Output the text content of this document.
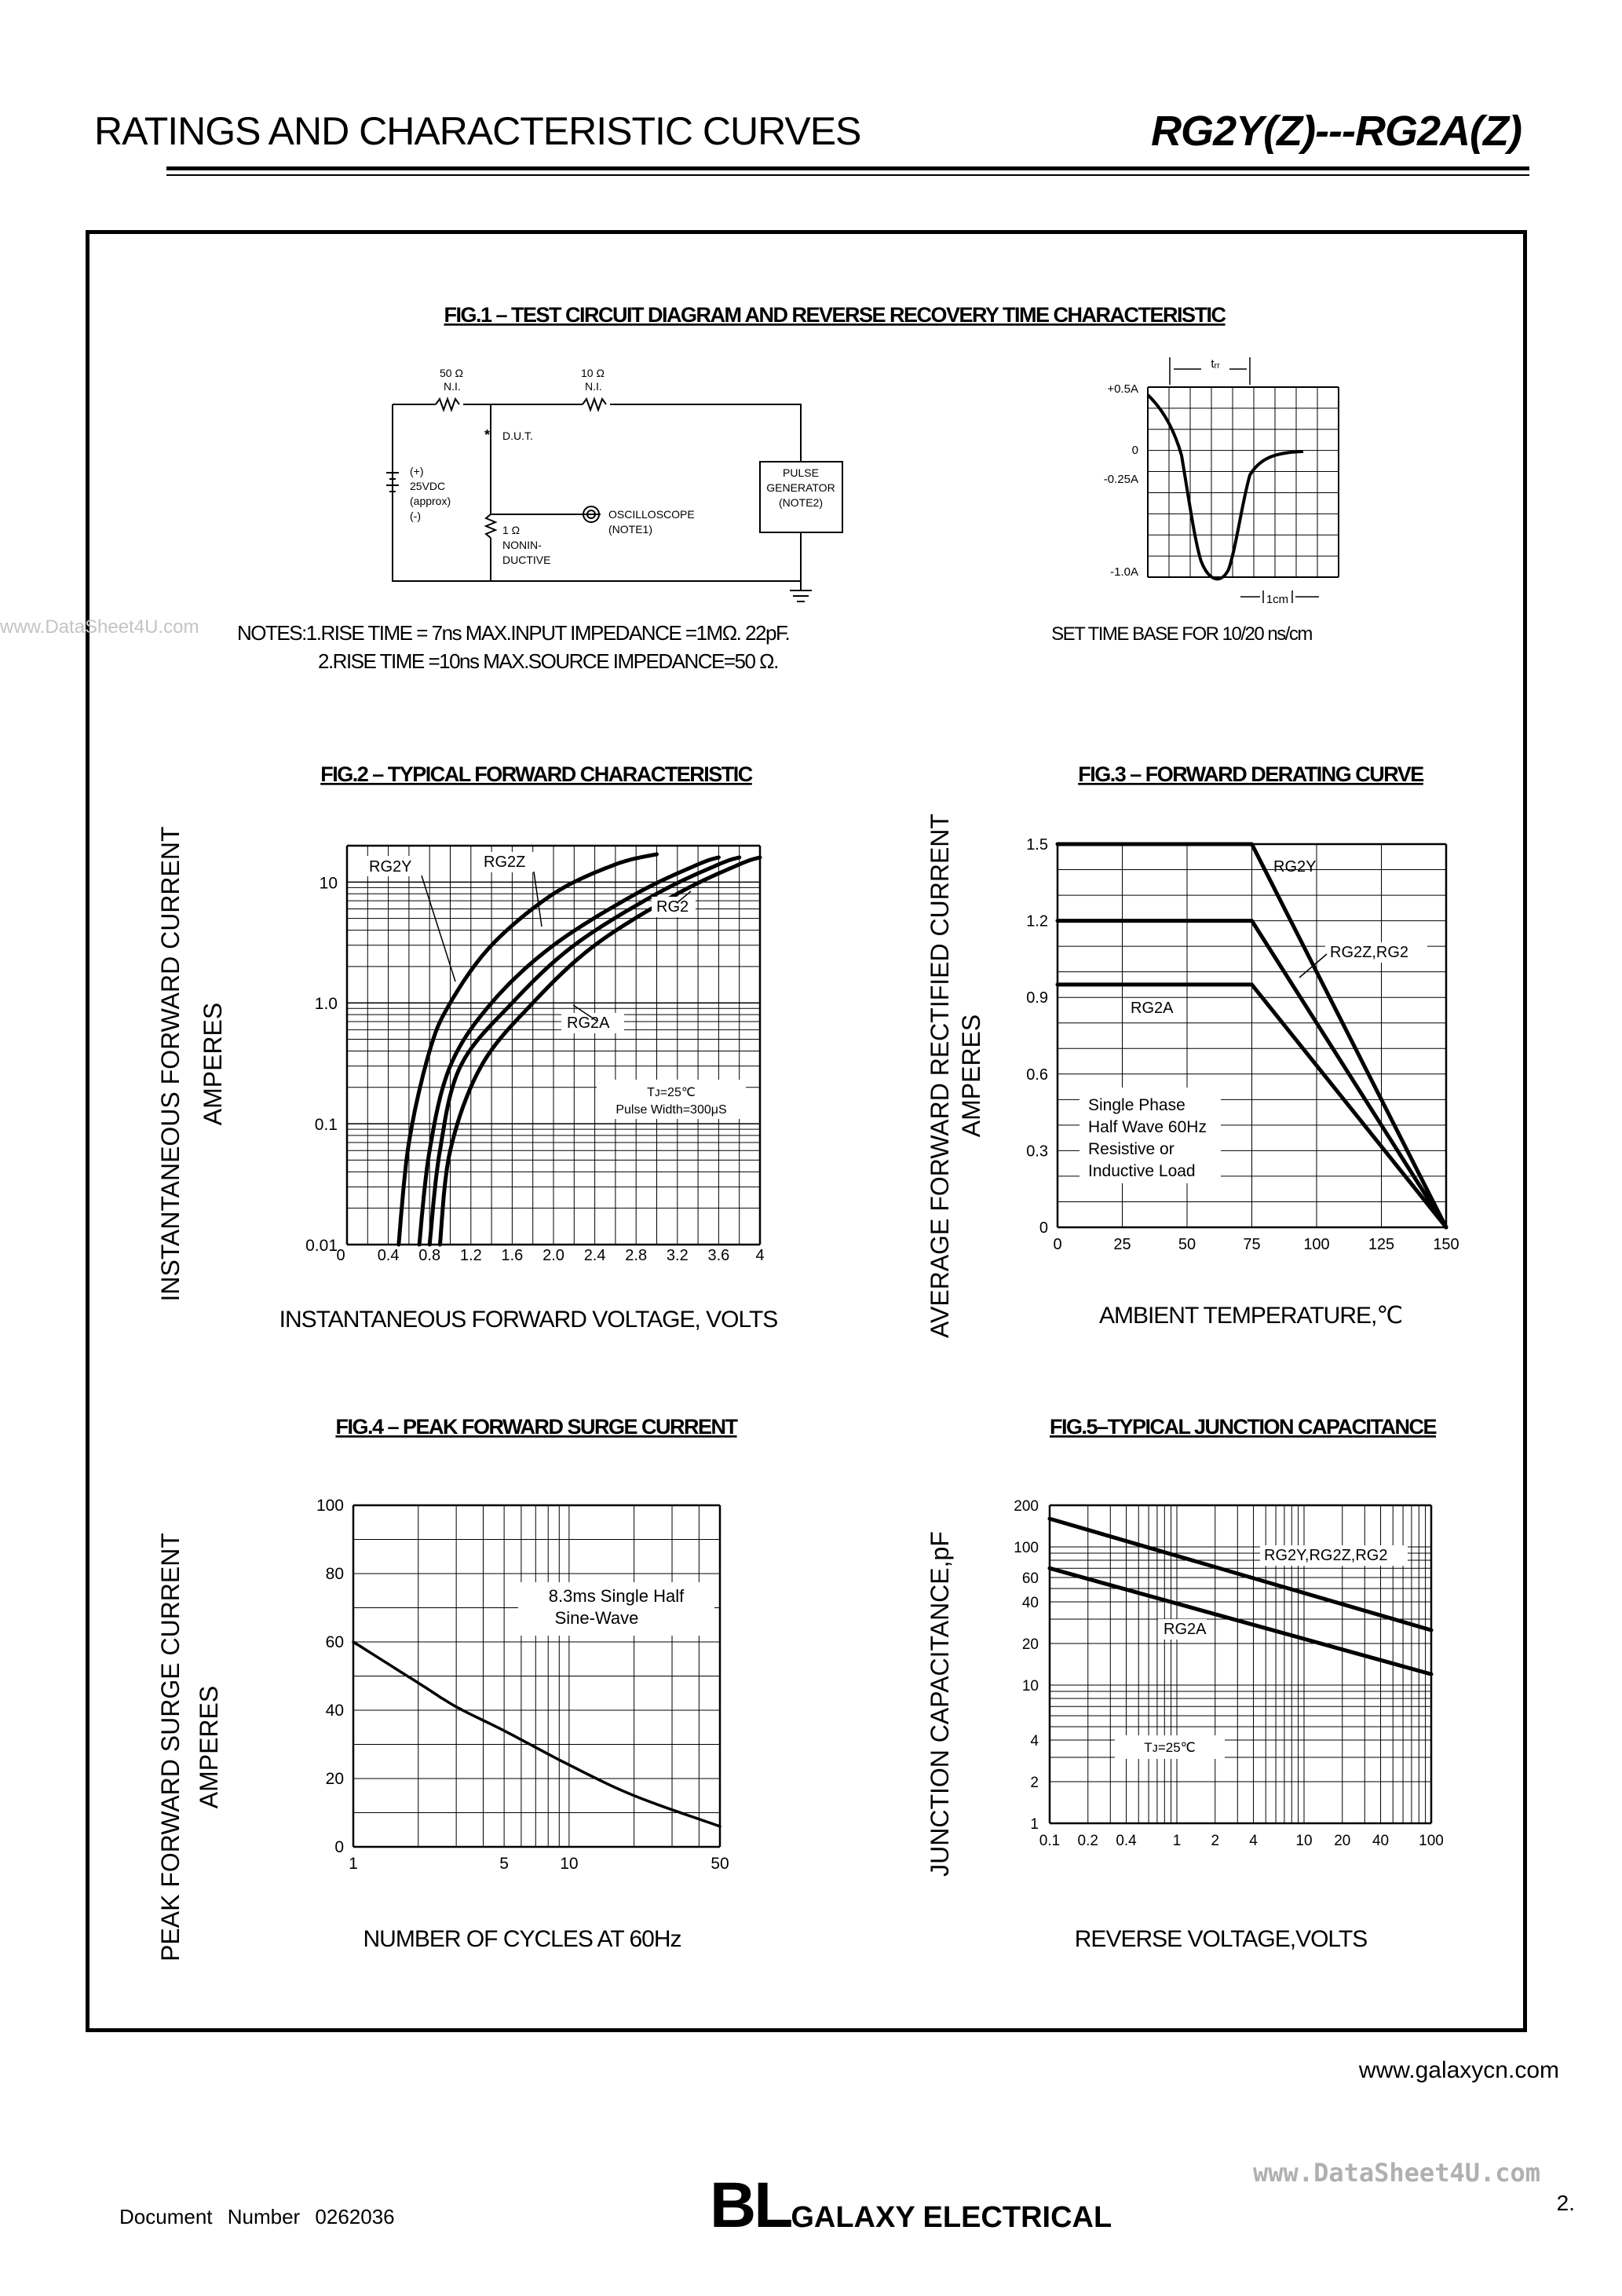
RATINGS AND CHARACTERISTIC CURVES	RG2Y(Z)---RG2A(Z)
FIG.1 – TEST CIRCUIT DIAGRAM AND REVERSE RECOVERY TIME CHARACTERISTIC
*
50 Ω
N.I.
10 Ω
N.I.
D.U.T.
(+)
25VDC
(approx)
(-)
PULSE
GENERATOR
(NOTE2)
OSCILLOSCOPE
(NOTE1)
1 Ω
NONIN-
DUCTIVE
NOTES:1.RISE TIME = 7ns MAX.INPUT IMPEDANCE =1MΩ. 22pF.
2.RISE TIME =10ns MAX.SOURCE IMPEDANCE=50 Ω.
+0.5A
0
-0.25A
-1.0A
tᵣᵣ
1cm
SET TIME BASE FOR 10/20 ns/cm
FIG.2 – TYPICAL FORWARD CHARACTERISTIC
10
1.0
0.1
0.01
0 0.4 0.8 1.2 1.6 2.0 2.4 2.8 3.2 3.6 4
Tᴊ=25℃
Pulse Width=300μS
RG2Y	RG2Z
RG2
RG2A
INSTANTANEOUS FORWARD CURRENT AMPERES
INSTANTANEOUS FORWARD VOLTAGE, VOLTS
FIG.3 – FORWARD DERATING CURVE
1.5
1.2
0.9
0.6
0.3
0
0	25	50	75	100 125 150
RG2Y
RG2Z,RG2
RG2A
Single Phase
Half Wave 60Hz
Resistive or
Inductive Load
AVERAGE FORWARD RECTIFIED CURRENT AMPERES
AMBIENT TEMPERATURE,℃
FIG.4 – PEAK FORWARD SURGE CURRENT
100
80
60
40
20
0
1	5	10	50
8.3ms Single Half
Sine-Wave
PEAK FORWARD SURGE CURRENT AMPERES
NUMBER OF CYCLES AT 60Hz
FIG.5–TYPICAL JUNCTION CAPACITANCE
200
100
60
40
20
10
4
2
1
0.1 0.2 0.4 1 2 4	10 20 40 100
RG2Y,RG2Z,RG2
RG2A
Tᴊ=25℃
JUNCTION CAPACITANCE,pF
REVERSE VOLTAGE,VOLTS
www.galaxycn.com
www.DataSheet4U.com
www.DataSheet4U.com
Document Number 0262036	BLGALAXY ELECTRICAL	2.
